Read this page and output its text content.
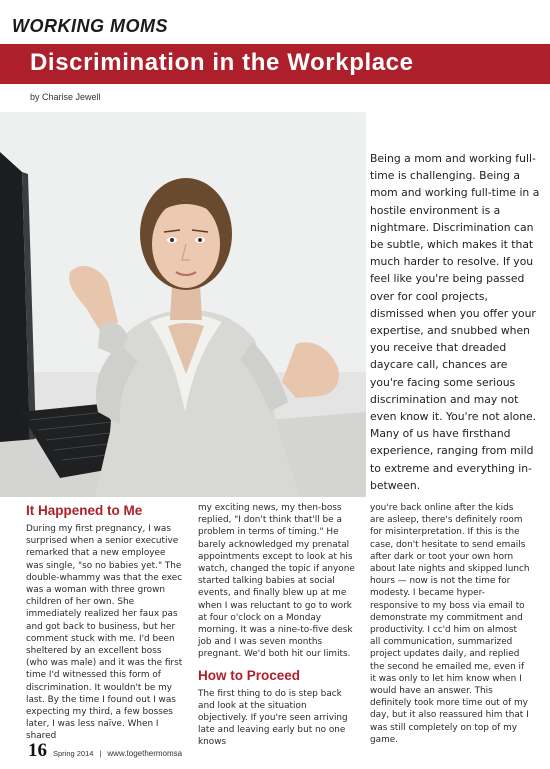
WORKING MOMS
Discrimination in the Workplace
by Charise Jewell
Being a mom and working full-time is challenging. Being a mom and working full-time in a hostile environment is a nightmare. Discrimination can be subtle, which makes it that much harder to resolve. If you feel like you're being passed over for cool projects, dismissed when you offer your expertise, and snubbed when you receive that dreaded daycare call, chances are you're facing some serious discrimination and may not even know it. You're not alone. Many of us have firsthand experience, ranging from mild to extreme and everything in-between.
It Happened to Me

During my first pregnancy, I was surprised when a senior executive remarked that a new employee was single, "so no babies yet." The double-whammy was that the exec was a woman with three grown children of her own. She immediately realized her faux pas and got back to business, but her comment stuck with me. I'd been sheltered by an excellent boss (who was male) and it was the first time I'd witnessed this form of discrimination. It wouldn't be my last. By the time I found out I was expecting my third, a few bosses later, I was less naïve. When I shared

my exciting news, my then-boss replied, "I don't think that'll be a problem in terms of timing." He barely acknowledged my prenatal appointments except to look at his watch, changed the topic if anyone started talking babies at social events, and finally blew up at me when I was reluctant to go to work at four o'clock on a Monday morning. It was a nine-to-five desk job and I was seven months pregnant. We'd both hit our limits.

How to Proceed

The first thing to do is step back and look at the situation objectively. If you're seen arriving late and leaving early but no one knows

you're back online after the kids are asleep, there's definitely room for misinterpretation. If this is the case, don't hesitate to send emails after dark or toot your own horn about late nights and skipped lunch hours — now is not the time for modesty. I became hyper-responsive to my boss via email to demonstrate my commitment and productivity. I cc'd him on almost all communication, summarized project updates daily, and replied the second he emailed me, even if it was only to let him know when I would have an answer. This definitely took more time out of my day, but it also reassured him that I was still completely on top of my game.

16 Spring 2014 | www.togethermomsa
